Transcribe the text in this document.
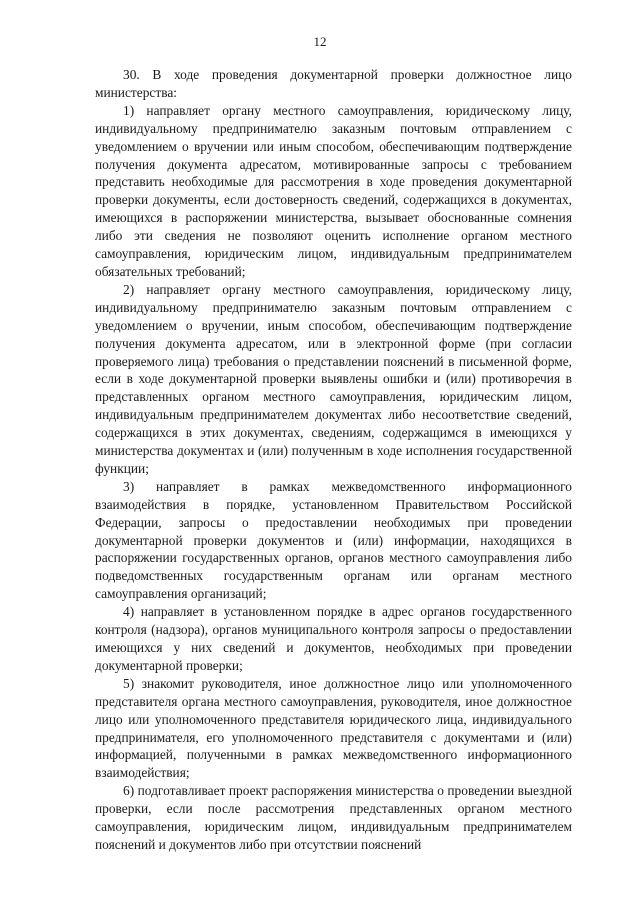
12

30. В ходе проведения документарной проверки должностное лицо министерства:

1) направляет органу местного самоуправления, юридическому лицу, индивидуальному предпринимателю заказным почтовым отправлением с уведомлением о вручении или иным способом, обеспечивающим подтверждение получения документа адресатом, мотивированные запросы с требованием представить необходимые для рассмотрения в ходе проведения документарной проверки документы, если достоверность сведений, содержащихся в документах, имеющихся в распоряжении министерства, вызывает обоснованные сомнения либо эти сведения не позволяют оценить исполнение органом местного самоуправления, юридическим лицом, индивидуальным предпринимателем обязательных требований;

2) направляет органу местного самоуправления, юридическому лицу, индивидуальному предпринимателю заказным почтовым отправлением с уведомлением о вручении, иным способом, обеспечивающим подтверждение получения документа адресатом, или в электронной форме (при согласии проверяемого лица) требования о представлении пояснений в письменной форме, если в ходе документарной проверки выявлены ошибки и (или) противоречия в представленных органом местного самоуправления, юридическим лицом, индивидуальным предпринимателем документах либо несоответствие сведений, содержащихся в этих документах, сведениям, содержащимся в имеющихся у министерства документах и (или) полученным в ходе исполнения государственной функции;

3) направляет в рамках межведомственного информационного взаимодействия в порядке, установленном Правительством Российской Федерации, запросы о предоставлении необходимых при проведении документарной проверки документов и (или) информации, находящихся в распоряжении государственных органов, органов местного самоуправления либо подведомственных государственным органам или органам местного самоуправления организаций;

4) направляет в установленном порядке в адрес органов государственного контроля (надзора), органов муниципального контроля запросы о предоставлении имеющихся у них сведений и документов, необходимых при проведении документарной проверки;

5) знакомит руководителя, иное должностное лицо или уполномоченного представителя органа местного самоуправления, руководителя, иное должностное лицо или уполномоченного представителя юридического лица, индивидуального предпринимателя, его уполномоченного представителя с документами и (или) информацией, полученными в рамках межведомственного информационного взаимодействия;

6) подготавливает проект распоряжения министерства о проведении выездной проверки, если после рассмотрения представленных органом местного самоуправления, юридическим лицом, индивидуальным предпринимателем пояснений и документов либо при отсутствии пояснений
